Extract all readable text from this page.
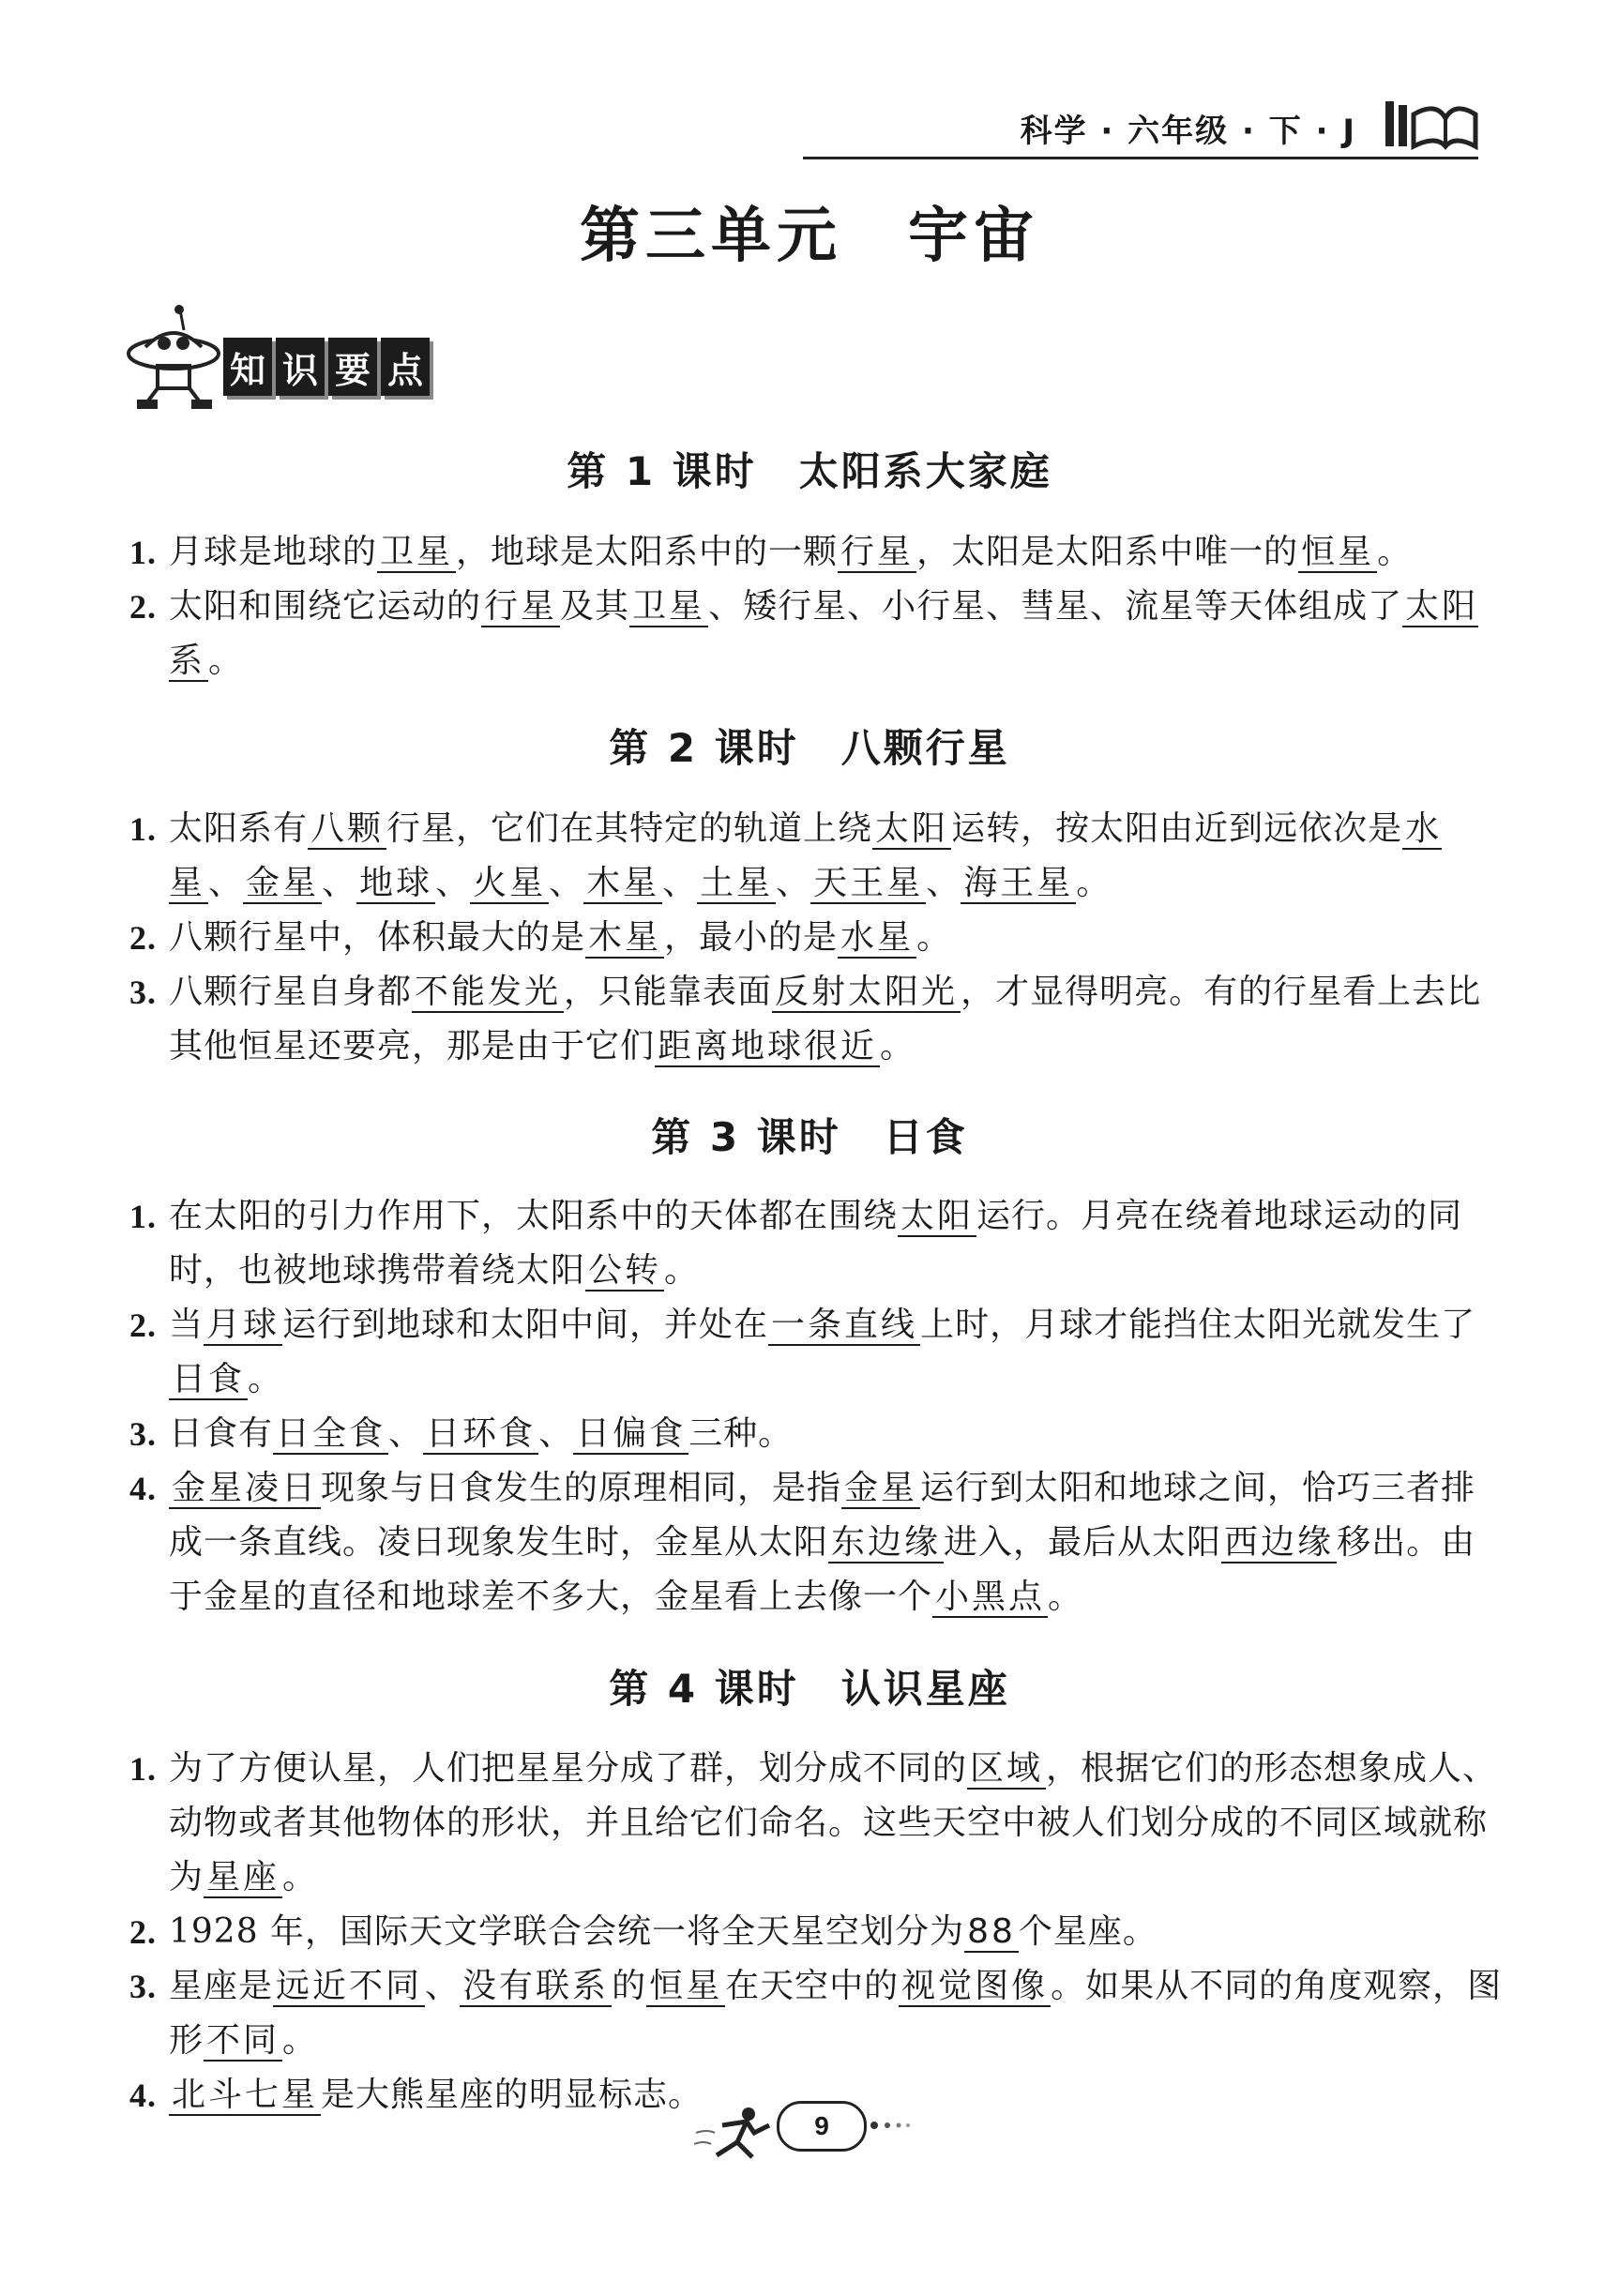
科学 · 六年级 · 下 · J
第三单元　宇宙
知 识 要 点
第 1 课时　太阳系大家庭
1. 月球是地球的卫星，地球是太阳系中的一颗行星，太阳是太阳系中唯一的恒星。
2. 太阳和围绕它运动的行星及其卫星、矮行星、小行星、彗星、流星等天体组成了太阳系。
第 2 课时　八颗行星
1. 太阳系有八颗行星，它们在其特定的轨道上绕太阳运转，按太阳由近到远依次是水星、金星、地球、火星、木星、土星、天王星、海王星。
2. 八颗行星中，体积最大的是木星，最小的是水星。
3. 八颗行星自身都不能发光，只能靠表面反射太阳光，才显得明亮。有的行星看上去比其他恒星还要亮，那是由于它们距离地球很近。
第 3 课时　日食
1. 在太阳的引力作用下，太阳系中的天体都在围绕太阳运行。月亮在绕着地球运动的同时，也被地球携带着绕太阳公转。
2. 当月球运行到地球和太阳中间，并处在一条直线上时，月球才能挡住太阳光就发生了日食。
3. 日食有日全食、日环食、日偏食三种。
4. 金星凌日现象与日食发生的原理相同，是指金星运行到太阳和地球之间，恰巧三者排成一条直线。凌日现象发生时，金星从太阳东边缘进入，最后从太阳西边缘移出。由于金星的直径和地球差不多大，金星看上去像一个小黑点。
第 4 课时　认识星座
1. 为了方便认星，人们把星星分成了群，划分成不同的区域，根据它们的形态想象成人、动物或者其他物体的形状，并且给它们命名。这些天空中被人们划分成的不同区域就称为星座。
2. 1928 年，国际天文学联合会统一将全天星空划分为88个星座。
3. 星座是远近不同、没有联系的恒星在天空中的视觉图像。如果从不同的角度观察，图形不同。
4. 北斗七星是大熊星座的明显标志。
9
